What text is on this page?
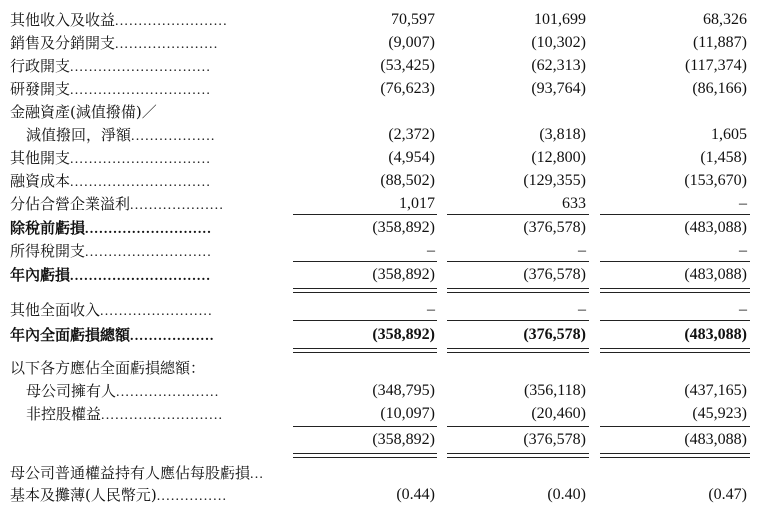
其他收入及收益........................	70,597	101,699	68,326
銷售及分銷開支......................	(9,007)	(10,302)	(11,887)
行政開支..............................	(53,425)	(62,313)	(117,374)
研發開支..............................	(76,623)	(93,764)	(86,166)
金融資產(減值撥備)／
減值撥回，淨額..................	(2,372)	(3,818)	1,605
其他開支..............................	(4,954)	(12,800)	(1,458)
融資成本..............................	(88,502)	(129,355)	(153,670)
分佔合營企業溢利....................	1,017	633	–
除稅前虧損...........................	(358,892)	(376,578)	(483,088)
所得稅開支...........................	–	–	–
年內虧損..............................	(358,892)	(376,578)	(483,088)
其他全面收入........................	–	–	–
年內全面虧損總額..................	(358,892)	(376,578)	(483,088)
以下各方應佔全面虧損總額：
母公司擁有人......................	(348,795)	(356,118)	(437,165)
非控股權益..........................	(10,097)	(20,460)	(45,923)
(358,892)	(376,578)	(483,088)
母公司普通權益持有人應佔每股虧損...
基本及攤薄(人民幣元)...............	(0.44)	(0.40)	(0.47)
